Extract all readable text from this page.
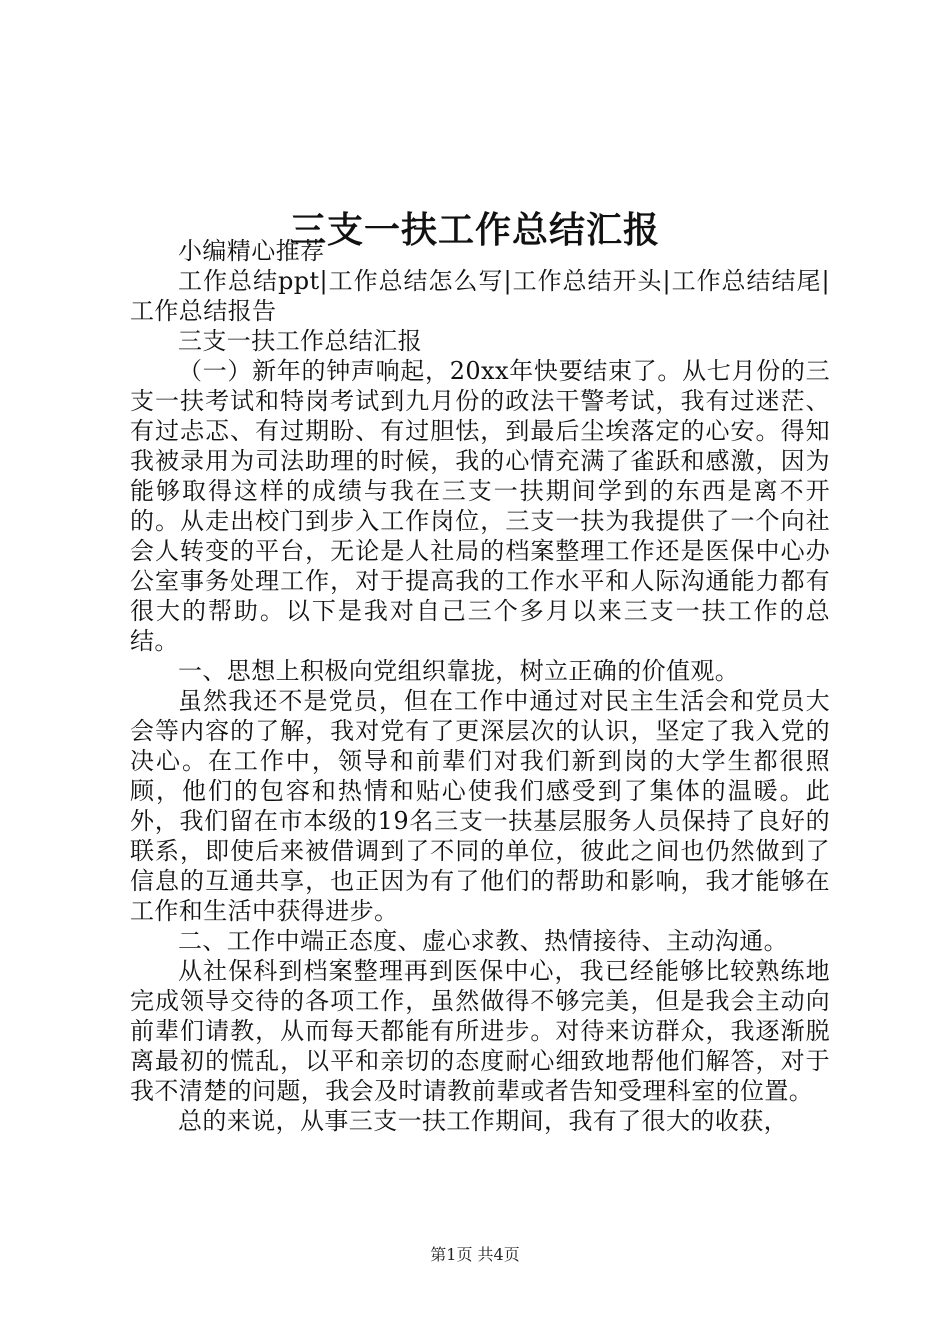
三支一扶工作总结汇报

小编精心推荐

工作总结ppt|工作总结怎么写|工作总结开头|工作总结结尾|工作总结报告

三支一扶工作总结汇报

（一）新年的钟声响起，20xx年快要结束了。从七月份的三支一扶考试和特岗考试到九月份的政法干警考试，我有过迷茫、有过忐忑、有过期盼、有过胆怯，到最后尘埃落定的心安。得知我被录用为司法助理的时候，我的心情充满了雀跃和感激，因为能够取得这样的成绩与我在三支一扶期间学到的东西是离不开的。从走出校门到步入工作岗位，三支一扶为我提供了一个向社会人转变的平台，无论是人社局的档案整理工作还是医保中心办公室事务处理工作，对于提高我的工作水平和人际沟通能力都有很大的帮助。以下是我对自己三个多月以来三支一扶工作的总结。

一、思想上积极向党组织靠拢，树立正确的价值观。

虽然我还不是党员，但在工作中通过对民主生活会和党员大会等内容的了解，我对党有了更深层次的认识，坚定了我入党的决心。在工作中，领导和前辈们对我们新到岗的大学生都很照顾，他们的包容和热情和贴心使我们感受到了集体的温暖。此外，我们留在市本级的19名三支一扶基层服务人员保持了良好的联系，即使后来被借调到了不同的单位，彼此之间也仍然做到了信息的互通共享，也正因为有了他们的帮助和影响，我才能够在工作和生活中获得进步。

二、工作中端正态度、虚心求教、热情接待、主动沟通。

从社保科到档案整理再到医保中心，我已经能够比较熟练地完成领导交待的各项工作，虽然做得不够完美，但是我会主动向前辈们请教，从而每天都能有所进步。对待来访群众，我逐渐脱离最初的慌乱，以平和亲切的态度耐心细致地帮他们解答，对于我不清楚的问题，我会及时请教前辈或者告知受理科室的位置。

总的来说，从事三支一扶工作期间，我有了很大的收获，

第1页 共4页
